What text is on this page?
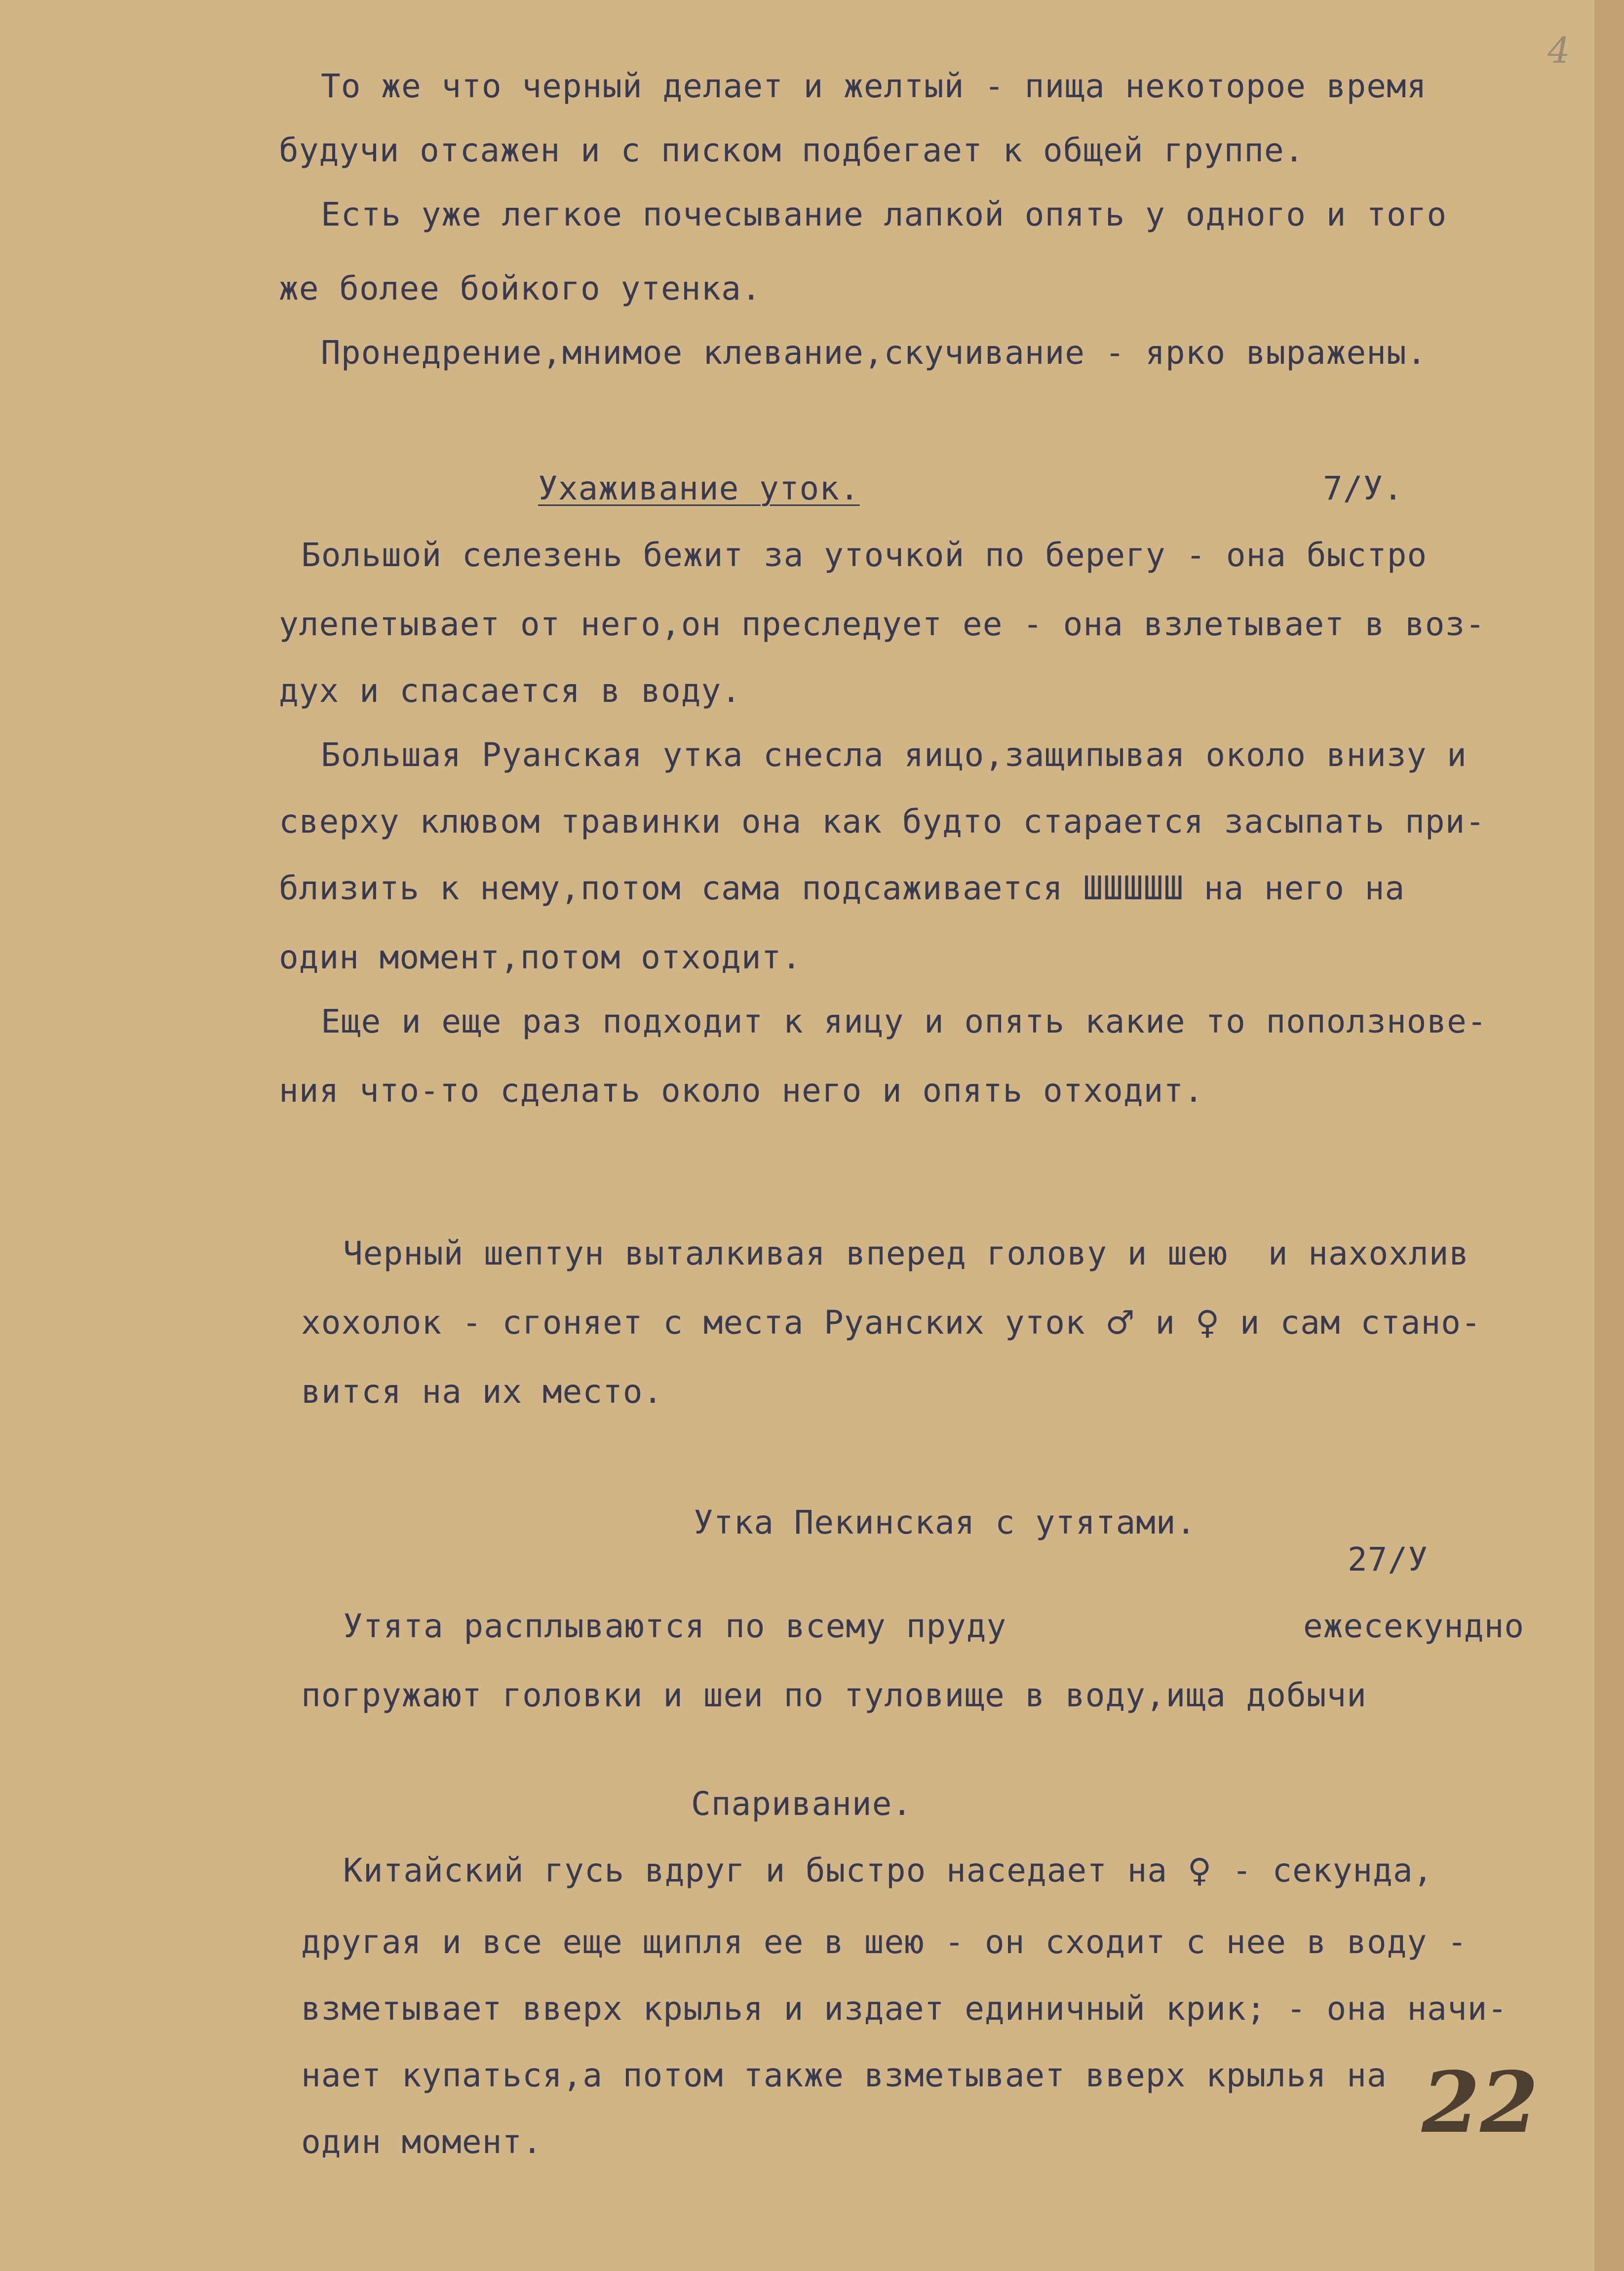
4
То же что черный делает и желтый - пища некоторое время
будучи отсажен и с писком подбегает к общей группе.
Есть уже легкое почесывание лапкой опять у одного и того
же более бойкого утенка.
Пронедрение,мнимое клевание,скучивание - ярко выражены.
Ухаживание уток.	7/У.
Большой селезень бежит за уточкой по берегу - она быстро
улепетывает от него,он преследует ее - она взлетывает в воз-
дух и спасается в воду.
Большая Руанская утка снесла яицо,защипывая около внизу и
сверху клювом травинки она как будто старается засыпать при-
близить к нему,потом сама подсаживается ШШШШШ на него на
один момент,потом отходит.
Еще и еще раз подходит к яицу и опять какие то поползнове-
ния что-то сделать около него и опять отходит.
Черный шептун выталкивая вперед голову и шею  и нахохлив
хохолок - сгоняет с места Руанских уток ♂ и ♀ и сам стано-
вится на их место.
Утка Пекинская с утятами.
27/У
Утята расплываются по всему пруду	ежесекундно
погружают головки и шеи по туловище в воду,ища добычи
Спаривание.
Китайский гусь вдруг и быстро наседает на ♀ - секунда,
другая и все еще щипля ее в шею - он сходит с нее в воду -
взметывает вверх крылья и издает единичный крик; - она начи-
нает купаться,а потом также взметывает вверх крылья на
один момент.	22
